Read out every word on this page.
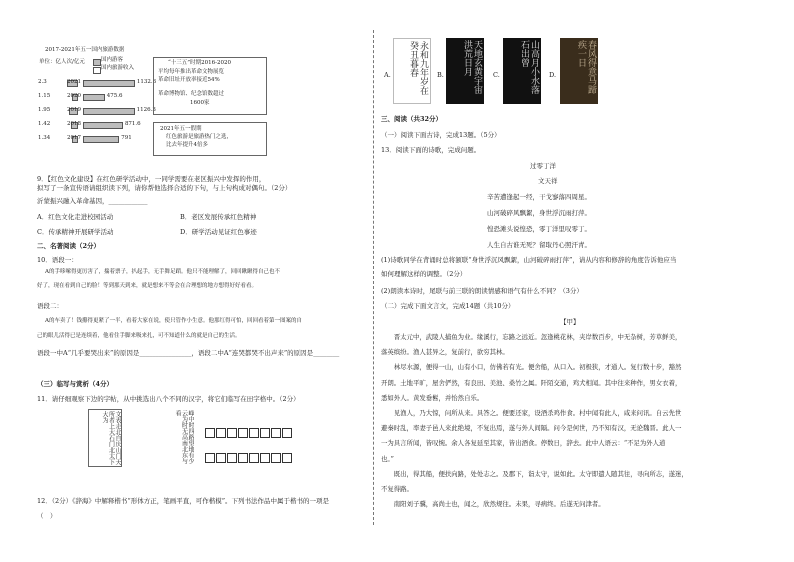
2017-2021年五一国内旅游数据
单位：亿人次/亿元	国内游客
国内旅游收入
2.3	2021	1132.3
1.15	2020	475.6
1.95	2019	1126.3
1.42	2018	871.6
1.34	2017	791
“十三五”时期2016-2020
平均每年推出革命文物展览
革命旧址开放率接近54%
革命博物馆、纪念馆数超过
1600家
2021年五一假期
红色旅游是旅游热门之选，
比去年提升4倍多
9．【红色文化建设】在红色研学活动中，一同学需要在老区振兴中发挥的作用，
拟写了一条宣传语请组织读下列，请你帮他选择合适的下句，与上句构成对偶句。（2分）
沂蒙振兴融入革命基因，____________
A．红色文化走进校园活动	B．老区发展传承红色精神
C．传承精神开展研学活动	D．研学活动见证红色事迹
二、名著阅读（2分）
10．语段一：
A的手哆嗦得更厉害了，揣着票子，扒起手，无手舞足蹈。他只不能理解了，回回瞅瞅得自己也不
好了，现在看到自己的脸！等到那天到来，就是想来不等会在合理想的地方想得好好看看。
语段二：
A的车卖了！钱攥得更紧了一半，看着大家在说，使只管作小生意。他那红得可怕，回回看着第一图案的自
己的眼儿活得已是连续着，他看住手脚来吸来扎，可不知道什么的就是自己的生活。
语段一中A“几乎要哭出来”的原因是________________，语段二中A“连哭都哭不出声来”的原因是________
（三）临写与赏析（4分）
11．请仔细观察下边的字帖，从中挑选出八个不同的汉字，将它们临写在田字格中。（2分）
文表走北自庆山门天所者上大石门北太下大为	峰中时四路望地有少云为时无高南北东与看
12．（2分）《辞海》中解释楷书“形体方正，笔画平直，可作楷模”。下列书法作品中属于楷书的一项是
（　）
A.	永和九年岁在癸丑暮春	B.	天地玄黄宇宙洪荒日月	C.	山高月小水落石出曾
D.	春风得意马蹄疾一日
三、阅读（共32分）
（一）阅读下面古诗，完成13题。（5分）
13．阅读下面的诗歌，完成问题。
过零丁洋
文天祥
辛苦遭逢起一经，干戈寥落四周星。
山河破碎风飘絮，身世浮沉雨打萍。
惶恐滩头说惶恐，零丁洋里叹零丁。
人生自古谁无死？留取丹心照汗青。
(1)诗歌同学在背诵时总将颔联“身世浮沉风飘絮，山河破碎雨打萍”，请从内容和修辞的角度告诉他应当
如何理解这样的调整。（2分）
(2)朗读本诗时，尾联与前三联的朗读情感和语气有什么不同？（3分）
（二）完成下面文言文，完成14题（共10分）
【甲】
　　晋太元中，武陵人捕鱼为业。缘溪行，忘路之远近。忽逢桃花林，夹岸数百步，中无杂树，芳草鲜美，
落英缤纷。渔人甚异之，复前行，欲穷其林。
　　林尽水源，便得一山，山有小口，仿佛若有光。便舍船，从口入。初极狭，才通人。复行数十步，豁然
开朗。土地平旷，屋舍俨然，有良田、美池、桑竹之属。阡陌交通，鸡犬相闻。其中往来种作，男女衣着，
悉如外人。黄发垂髫，并怡然自乐。
　　见渔人，乃大惊，问所从来。具答之。便要还家，设酒杀鸡作食。村中闻有此人，咸来问讯。自云先世
避秦时乱，率妻子邑人来此绝境，不复出焉，遂与外人间隔。问今是何世，乃不知有汉，无论魏晋。此人一
一为具言所闻，皆叹惋。余人各复延至其家，皆出酒食。停数日，辞去。此中人语云：“不足为外人道
也。”
　　既出，得其船，便扶向路，处处志之。及郡下，诣太守，说如此。太守即遣人随其往，寻向所志，遂迷，
不复得路。
　　南阳刘子骥，高尚士也，闻之，欣然规往。未果，寻病终。后遂无问津者。
